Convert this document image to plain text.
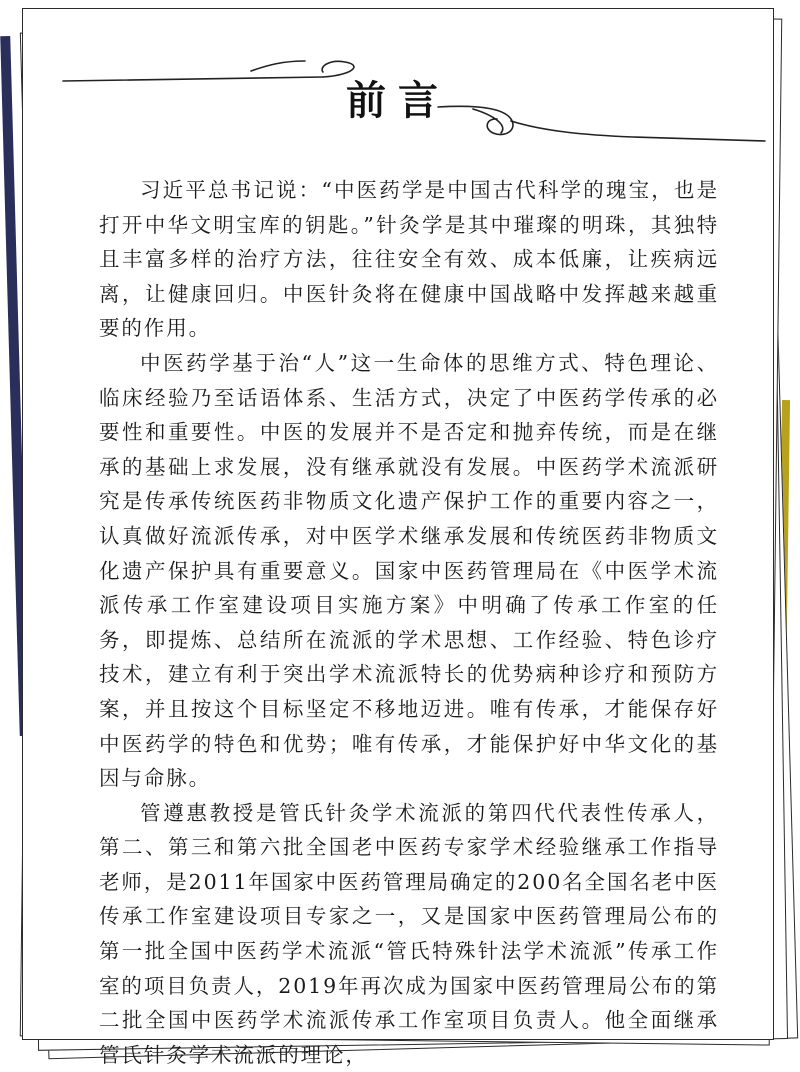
前言

习近平总书记说：“中医药学是中国古代科学的瑰宝，也是打开中华文明宝库的钥匙。”针灸学是其中璀璨的明珠，其独特且丰富多样的治疗方法，往往安全有效、成本低廉，让疾病远离，让健康回归。中医针灸将在健康中国战略中发挥越来越重要的作用。

中医药学基于治“人”这一生命体的思维方式、特色理论、临床经验乃至话语体系、生活方式，决定了中医药学传承的必要性和重要性。中医的发展并不是否定和抛弃传统，而是在继承的基础上求发展，没有继承就没有发展。中医药学术流派研究是传承传统医药非物质文化遗产保护工作的重要内容之一，认真做好流派传承，对中医学术继承发展和传统医药非物质文化遗产保护具有重要意义。国家中医药管理局在《中医学术流派传承工作室建设项目实施方案》中明确了传承工作室的任务，即提炼、总结所在流派的学术思想、工作经验、特色诊疗技术，建立有利于突出学术流派特长的优势病种诊疗和预防方案，并且按这个目标坚定不移地迈进。唯有传承，才能保存好中医药学的特色和优势；唯有传承，才能保护好中华文化的基因与命脉。

管遵惠教授是管氏针灸学术流派的第四代代表性传承人，第二、第三和第六批全国老中医药专家学术经验继承工作指导老师，是2011年国家中医药管理局确定的200名全国名老中医传承工作室建设项目专家之一，又是国家中医药管理局公布的第一批全国中医药学术流派“管氏特殊针法学术流派”传承工作室的项目负责人，2019年再次成为国家中医药管理局公布的第二批全国中医药学术流派传承工作室项目负责人。他全面继承管氏针灸学术流派的理论，
